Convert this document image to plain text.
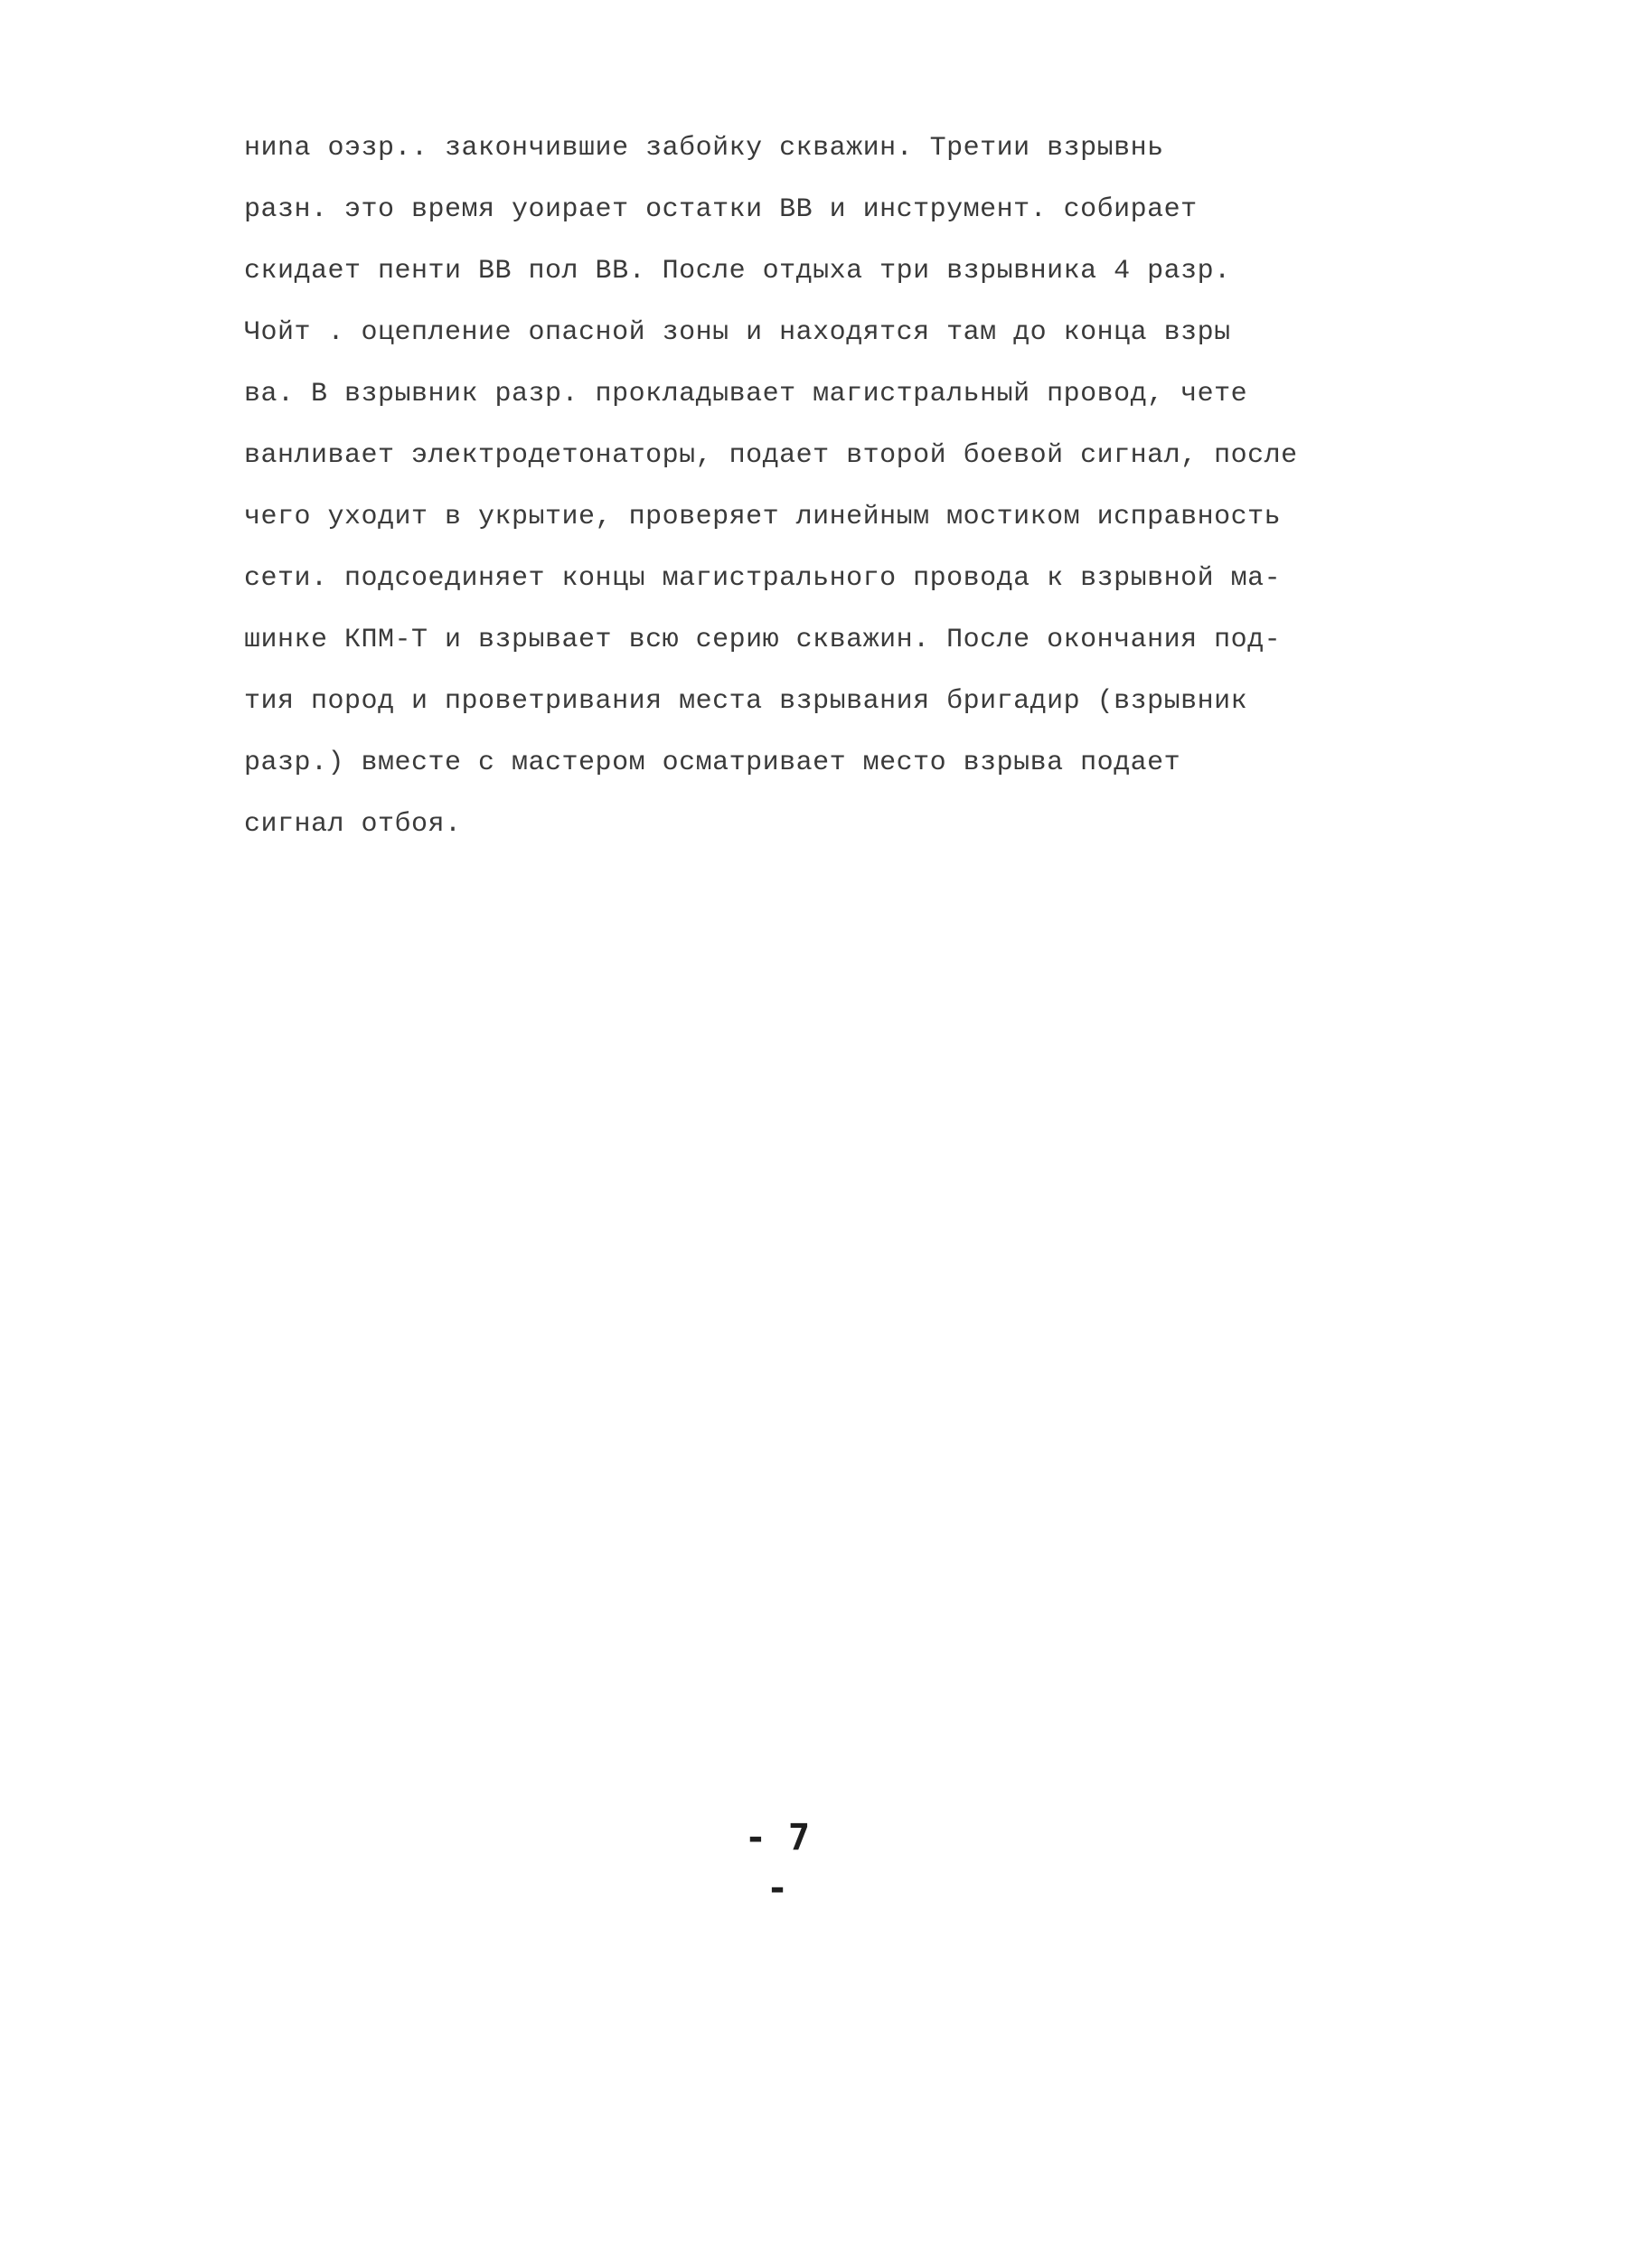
ниna оэзр.. закончившие забойку скважин. Третии взрывнь
разн. это время уоирает остатки ВВ и инструмент. собирает
скидает пенти ВВ пол ВВ. После отдыха три взрывника 4 разр.
Чойт . оцепление опасной зоны и находятся там до конца взры
ва. В взрывник разр. прокладывает магистральный провод, чете
ванливает электродетонаторы, подает второй боевой сигнал, после
чего уходит в укрытие, проверяет линейным мостиком исправность
сети. подсоединяет концы магистрального провода к взрывной ма-
шинке КПМ-Т и взрывает всю серию скважин. После окончания под-
тия пород и проветривания места взрывания бригадир (взрывник
разр.) вместе с мастером осматривает место взрыва подает
сигнал отбоя.
- 7 -
